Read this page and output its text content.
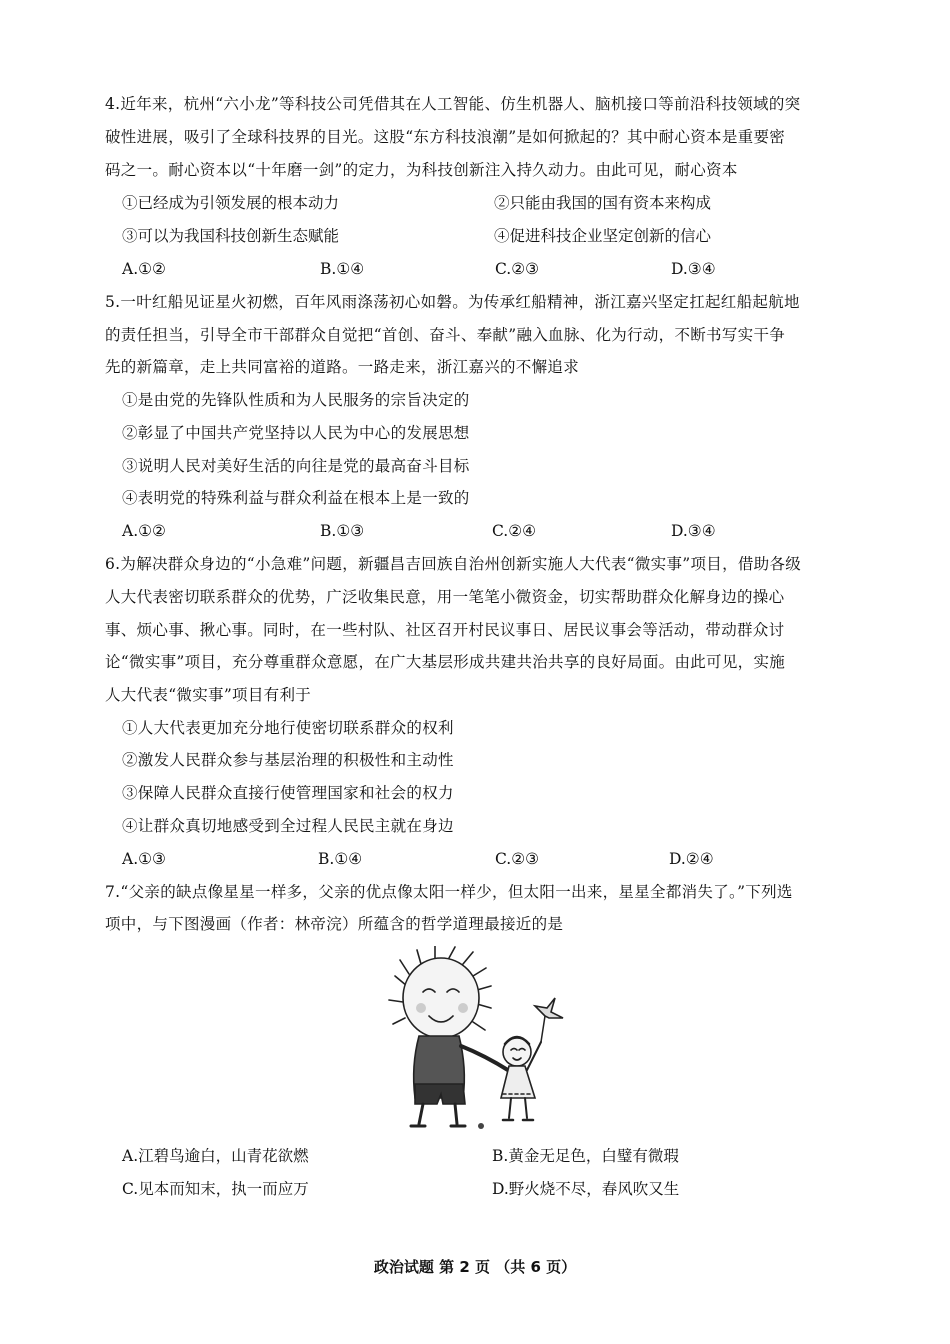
4.近年来，杭州“六小龙”等科技公司凭借其在人工智能、仿生机器人、脑机接口等前沿科技领域的突
破性进展，吸引了全球科技界的目光。这股“东方科技浪潮”是如何掀起的？其中耐心资本是重要密
码之一。耐心资本以“十年磨一剑”的定力，为科技创新注入持久动力。由此可见，耐心资本
①已经成为引领发展的根本动力	②只能由我国的国有资本来构成
③可以为我国科技创新生态赋能	④促进科技企业坚定创新的信心
A.①②	B.①④	C.②③	D.③④
5.一叶红船见证星火初燃，百年风雨涤荡初心如磐。为传承红船精神，浙江嘉兴坚定扛起红船起航地
的责任担当，引导全市干部群众自觉把“首创、奋斗、奉献”融入血脉、化为行动，不断书写实干争
先的新篇章，走上共同富裕的道路。一路走来，浙江嘉兴的不懈追求
①是由党的先锋队性质和为人民服务的宗旨决定的
②彰显了中国共产党坚持以人民为中心的发展思想
③说明人民对美好生活的向往是党的最高奋斗目标
④表明党的特殊利益与群众利益在根本上是一致的
A.①②	B.①③	C.②④	D.③④
6.为解决群众身边的“小急难”问题，新疆昌吉回族自治州创新实施人大代表“微实事”项目，借助各级
人大代表密切联系群众的优势，广泛收集民意，用一笔笔小微资金，切实帮助群众化解身边的操心
事、烦心事、揪心事。同时，在一些村队、社区召开村民议事日、居民议事会等活动，带动群众讨
论“微实事”项目，充分尊重群众意愿，在广大基层形成共建共治共享的良好局面。由此可见，实施
人大代表“微实事”项目有利于
①人大代表更加充分地行使密切联系群众的权利
②激发人民群众参与基层治理的积极性和主动性
③保障人民群众直接行使管理国家和社会的权力
④让群众真切地感受到全过程人民民主就在身边
A.①③	B.①④	C.②③	D.②④
7.“父亲的缺点像星星一样多，父亲的优点像太阳一样少，但太阳一出来，星星全都消失了。”下列选
项中，与下图漫画（作者：林帝浣）所蕴含的哲学道理最接近的是
A.江碧鸟逾白，山青花欲燃	B.黄金无足色，白璧有微瑕
C.见本而知末，执一而应万	D.野火烧不尽，春风吹又生
政治试题 第 2 页 （共 6 页）
